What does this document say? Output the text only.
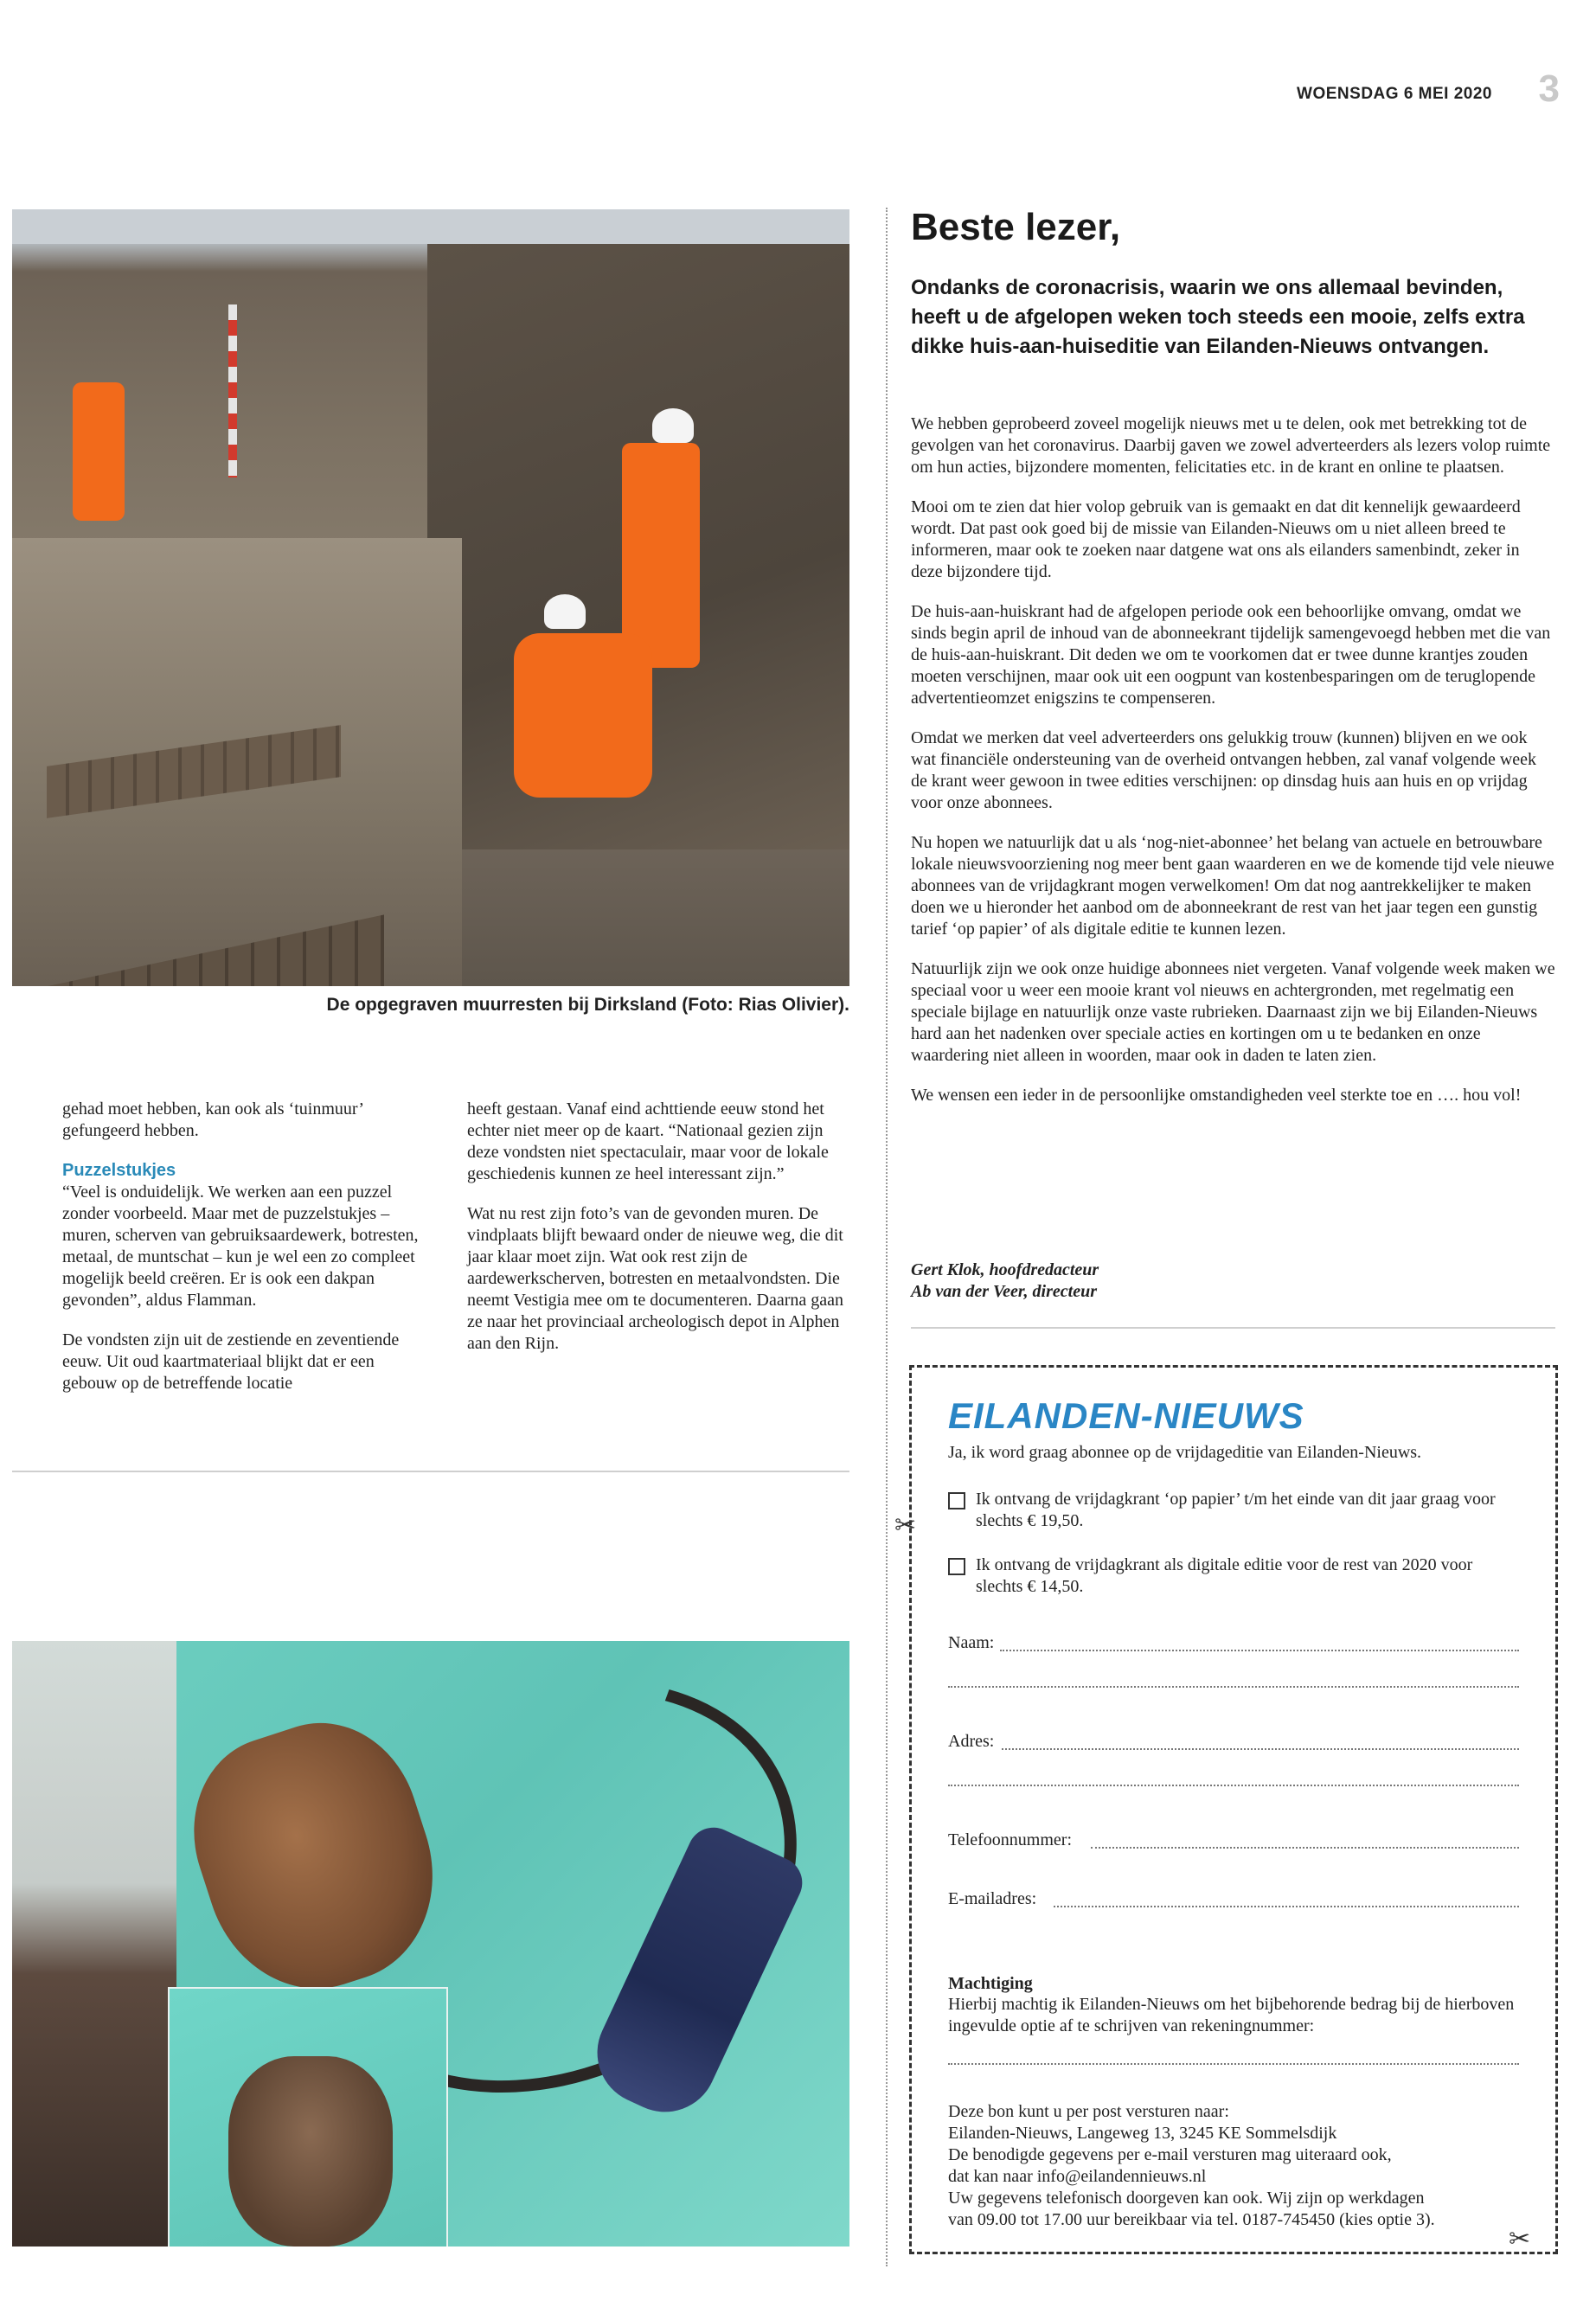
WOENSDAG 6 MEI 2020 3
De opgegraven muurresten bij Dirksland (Foto: Rias Olivier).

gehad moet hebben, kan ook als ‘tuinmuur’ gefungeerd hebben.

Puzzelstukjes

“Veel is onduidelijk. We werken aan een puzzel zonder voorbeeld. Maar met de puzzelstukjes – muren, scherven van gebruiksaardewerk, botresten, metaal, de muntschat – kun je wel een zo compleet mogelijk beeld creëren. Er is ook een dakpan gevonden”, aldus Flamman.

De vondsten zijn uit de zestiende en zeventiende eeuw. Uit oud kaartmateriaal blijkt dat er een gebouw op de betreffende locatie

heeft gestaan. Vanaf eind achttiende eeuw stond het echter niet meer op de kaart. “Nationaal gezien zijn deze vondsten niet spectaculair, maar voor de lokale geschiedenis kunnen ze heel interessant zijn.”

Wat nu rest zijn foto’s van de gevonden muren. De vindplaats blijft bewaard onder de nieuwe weg, die dit jaar klaar moet zijn. Wat ook rest zijn de aardewerkscherven, botresten en metaalvondsten. Die neemt Vestigia mee om te documenteren. Daarna gaan ze naar het provinciaal archeologisch depot in Alphen aan den Rijn.

Beste lezer,
Ondanks de coronacrisis, waarin we ons allemaal bevinden, heeft u de afgelopen weken toch steeds een mooie, zelfs extra dikke huis-aan-huiseditie van Eilanden-Nieuws ontvangen.

We hebben geprobeerd zoveel mogelijk nieuws met u te delen, ook met betrekking tot de gevolgen van het coronavirus. Daarbij gaven we zowel adverteerders als lezers volop ruimte om hun acties, bijzondere momenten, felicitaties etc. in de krant en online te plaatsen.

Mooi om te zien dat hier volop gebruik van is gemaakt en dat dit kennelijk gewaardeerd wordt. Dat past ook goed bij de missie van Eilanden-Nieuws om u niet alleen breed te informeren, maar ook te zoeken naar datgene wat ons als eilanders samenbindt, zeker in deze bijzondere tijd.

De huis-aan-huiskrant had de afgelopen periode ook een behoorlijke omvang, omdat we sinds begin april de inhoud van de abonneekrant tijdelijk samengevoegd hebben met die van de huis-aan-huiskrant. Dit deden we om te voorkomen dat er twee dunne krantjes zouden moeten verschijnen, maar ook uit een oogpunt van kostenbesparingen om de teruglopende advertentieomzet enigszins te compenseren.

Omdat we merken dat veel adverteerders ons gelukkig trouw (kunnen) blijven en we ook wat financiële ondersteuning van de overheid ontvangen hebben, zal vanaf volgende week de krant weer gewoon in twee edities verschijnen: op dinsdag huis aan huis en op vrijdag voor onze abonnees.

Nu hopen we natuurlijk dat u als ‘nog-niet-abonnee’ het belang van actuele en betrouwbare lokale nieuwsvoorziening nog meer bent gaan waarderen en we de komende tijd vele nieuwe abonnees van de vrijdagkrant mogen verwelkomen! Om dat nog aantrekkelijker te maken doen we u hieronder het aanbod om de abonneekrant de rest van het jaar tegen een gunstig tarief ‘op papier’ of als digitale editie te kunnen lezen.

Natuurlijk zijn we ook onze huidige abonnees niet vergeten. Vanaf volgende week maken we speciaal voor u weer een mooie krant vol nieuws en achtergronden, met regelmatig een speciale bijlage en natuurlijk onze vaste rubrieken. Daarnaast zijn we bij Eilanden-Nieuws hard aan het nadenken over speciale acties en kortingen om u te bedanken en onze waardering niet alleen in woorden, maar ook in daden te laten zien.

We wensen een ieder in de persoonlijke omstandigheden veel sterkte toe en …. hou vol!

Gert Klok, hoofdredacteur
Ab van der Veer, directeur
EILANDEN-NIEUWS
Ja, ik word graag abonnee op de vrijdageditie van Eilanden-Nieuws.
Ik ontvang de vrijdagkrant ‘op papier’ t/m het einde van dit jaar graag voor slechts € 19,50.
Ik ontvang de vrijdagkrant als digitale editie voor de rest van 2020 voor slechts € 14,50.
✂
Naam:
Adres:
Telefoonnummer:
E-mailadres:
Machtiging
Hierbij machtig ik Eilanden-Nieuws om het bijbehorende bedrag bij de hierboven ingevulde optie af te schrijven van rekeningnummer:
Deze bon kunt u per post versturen naar:
Eilanden-Nieuws, Langeweg 13, 3245 KE Sommelsdijk
De benodigde gegevens per e-mail versturen mag uiteraard ook,
dat kan naar info@eilandennieuws.nl
Uw gegevens telefonisch doorgeven kan ook. Wij zijn op werkdagen
van 09.00 tot 17.00 uur bereikbaar via tel. 0187-745450 (kies optie 3).
✂
